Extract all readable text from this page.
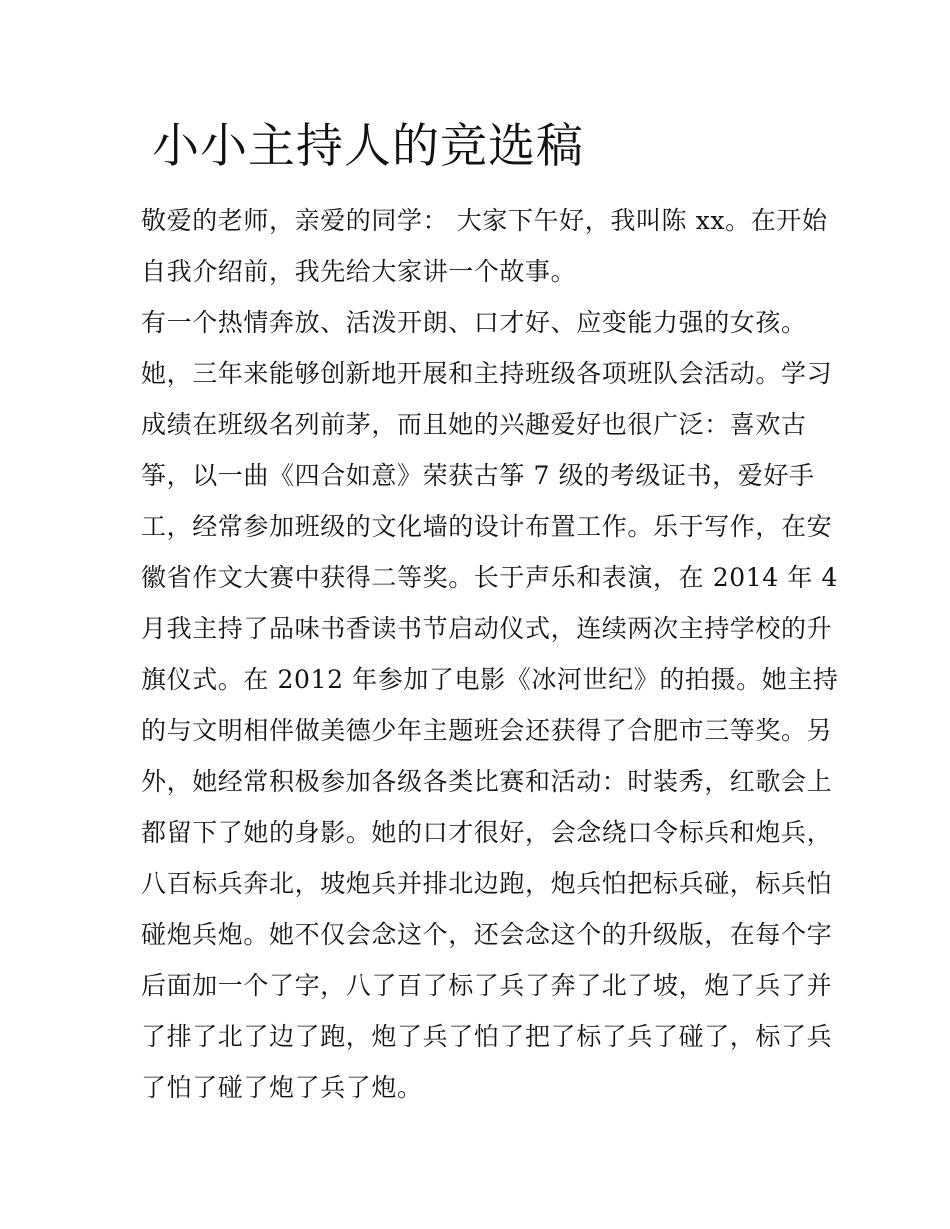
小小主持人的竞选稿

敬爱的老师，亲爱的同学： 大家下午好，我叫陈 xx。在开始

自我介绍前，我先给大家讲一个故事。

有一个热情奔放、活泼开朗、口才好、应变能力强的女孩。

她，三年来能够创新地开展和主持班级各项班队会活动。学习

成绩在班级名列前茅，而且她的兴趣爱好也很广泛：喜欢古

筝，以一曲《四合如意》荣获古筝 7 级的考级证书，爱好手

工，经常参加班级的文化墙的设计布置工作。乐于写作，在安

徽省作文大赛中获得二等奖。长于声乐和表演，在 2014 年 4

月我主持了品味书香读书节启动仪式，连续两次主持学校的升

旗仪式。在 2012 年参加了电影《冰河世纪》的拍摄。她主持

的与文明相伴做美德少年主题班会还获得了合肥市三等奖。另

外，她经常积极参加各级各类比赛和活动：时装秀，红歌会上

都留下了她的身影。她的口才很好，会念绕口令标兵和炮兵，

八百标兵奔北，坡炮兵并排北边跑，炮兵怕把标兵碰，标兵怕

碰炮兵炮。她不仅会念这个，还会念这个的升级版，在每个字

后面加一个了字，八了百了标了兵了奔了北了坡，炮了兵了并

了排了北了边了跑，炮了兵了怕了把了标了兵了碰了，标了兵

了怕了碰了炮了兵了炮。
